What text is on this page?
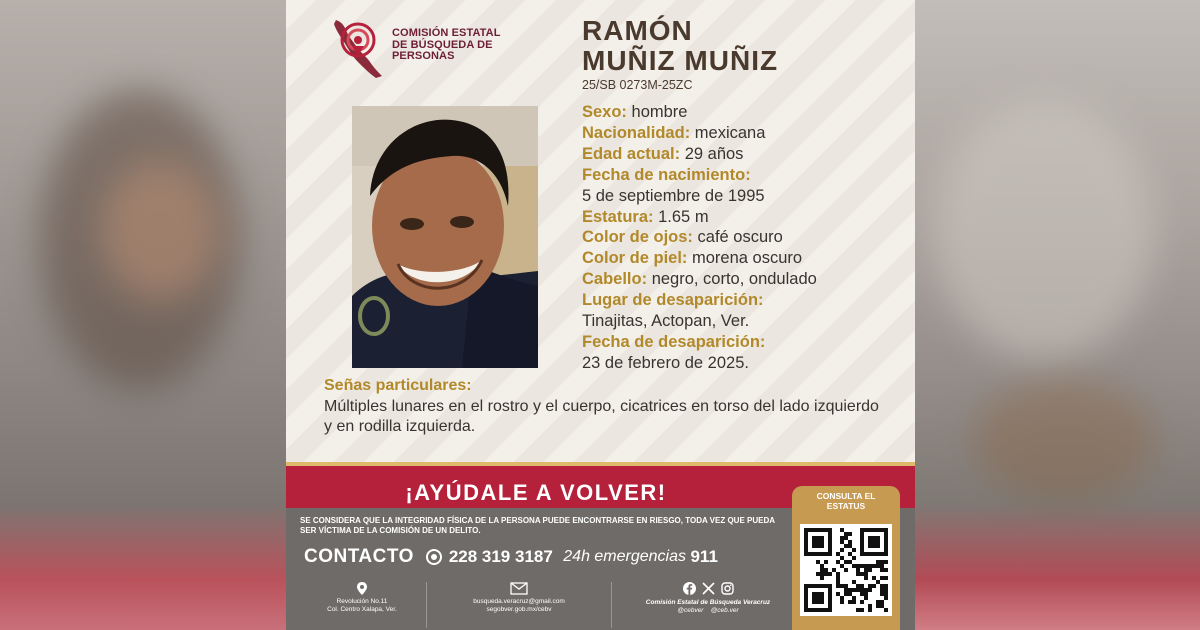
COMISIÓN ESTATAL
DE BÚSQUEDA DE
PERSONAS
RAMÓN
MUÑIZ MUÑIZ
25/SB 0273M-25ZC
Sexo: hombre
Nacionalidad: mexicana
Edad actual: 29 años
Fecha de nacimiento:
5 de septiembre de 1995
Estatura: 1.65 m
Color de ojos: café oscuro
Color de piel: morena oscuro
Cabello: negro, corto, ondulado
Lugar de desaparición:
Tinajitas, Actopan, Ver.
Fecha de desaparición:
23 de febrero de 2025.
Señas particulares:
Múltiples lunares en el rostro y el cuerpo, cicatrices en torso del lado izquierdo y en rodilla izquierda.
¡AYÚDALE A VOLVER!
SE CONSIDERA QUE LA INTEGRIDAD FÍSICA DE LA PERSONA PUEDE ENCONTRARSE EN RIESGO, TODA VEZ QUE PUEDA SER VÍCTIMA DE LA COMISIÓN DE UN DELITO.
CONTACTO 228 319 3187 24h emergencias 911
Revolución No.11
Col. Centro Xalapa, Ver.
busqueda.veracruz@gmail.com
segobver.gob.mx/cebv
Comisión Estatal de Búsqueda Veracruz
@cebver @ceb.ver
CONSULTA EL
ESTATUS
